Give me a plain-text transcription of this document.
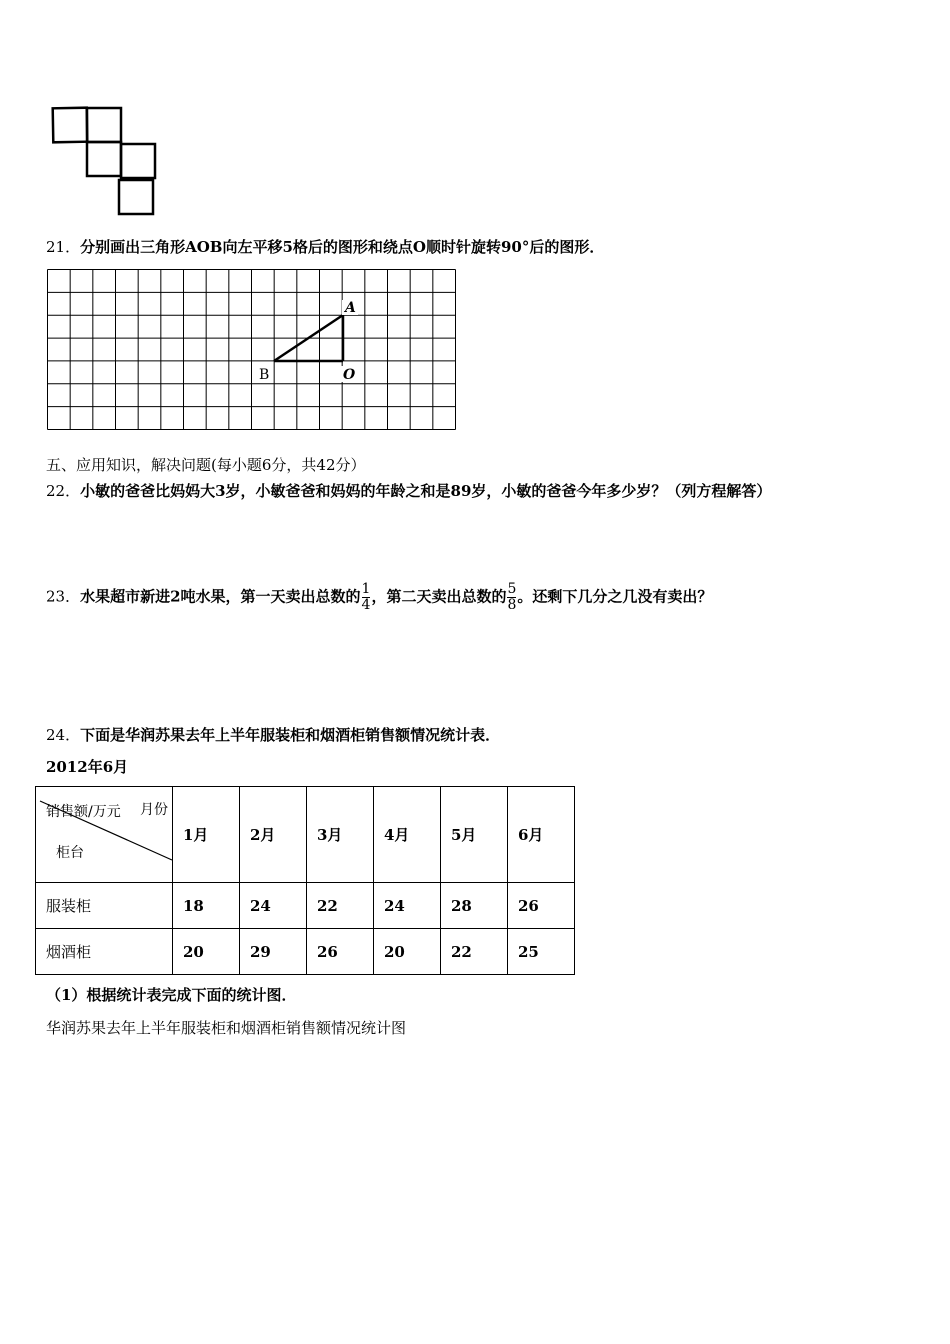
21．分别画出三角形AOB向左平移5格后的图形和绕点O顺时针旋转90°后的图形．
A
B	O
五、应用知识，解决问题(每小题6分，共42分）
22．小敏的爸爸比妈妈大3岁，小敏爸爸和妈妈的年龄之和是89岁，小敏的爸爸今年多少岁？（列方程解答）
23．水果超市新进2吨水果，第一天卖出总数的 $\frac{1}{4}$ ，第二天卖出总数的 $\frac{5}{8}$ 。还剩下几分之几没有卖出？
24．下面是华润苏果去年上半年服装柜和烟酒柜销售额情况统计表．
2012年6月
销售额/万元 月份
柜台	1月	2月	3月	4月	5月	6月
服装柜	18	24	22	24	28	26
烟酒柜	20	29	26	20	22	25
（1）根据统计表完成下面的统计图．
华润苏果去年上半年服装柜和烟酒柜销售额情况统计图
